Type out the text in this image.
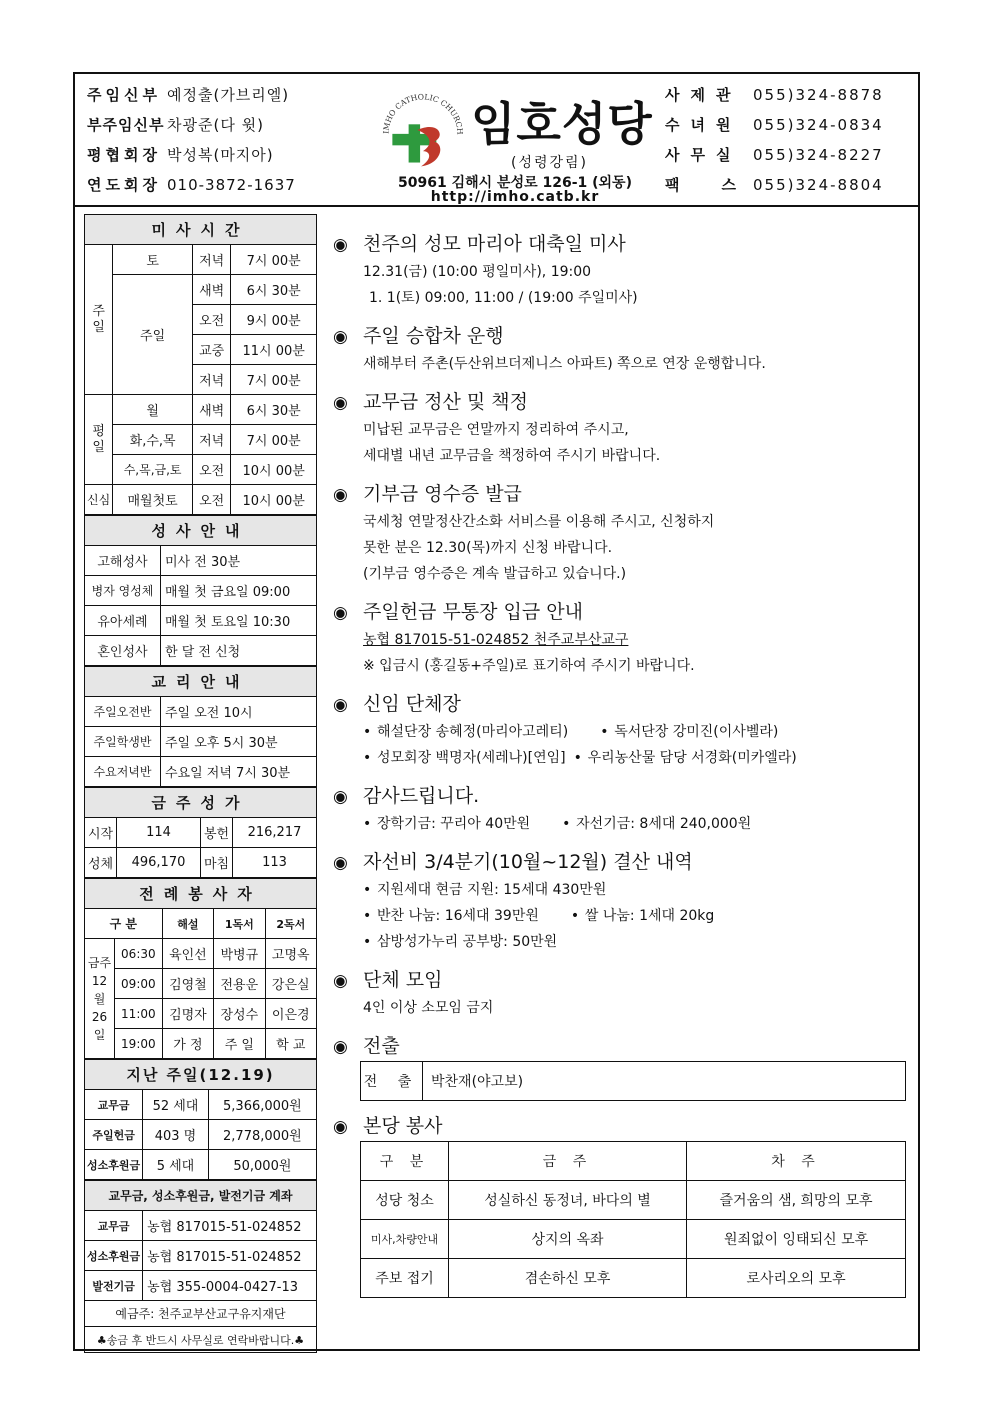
주임신부 예정출(가브리엘)
부주임신부 차광준(다 윗)
평협회장 박성복(마지아)
연도회장 010-3872-1637
IMHO CATHOLIC CHURCH 임호성당
(성령강림)
50961 김해시 분성로 126-1 (외동)
http://imho.catb.kr
사제관 055)324-8878
수녀원 055)324-0834
사무실 055)324-8227
팩스055)324-8804
미사시간			
주일	토	저녁	7시 00분
	주일	새벽	6시 30분
		오전	9시 00분
		교중	11시 00분
		저녁	7시 00분
평일	월	새벽	6시 30분
	화,수,목	저녁	7시 00분
	수,목,금,토	오전	10시 00분
신심	매월첫토	오전	10시 00분
성사안내	
고해성사	미사 전 30분
병자 영성체	매월 첫 금요일 09:00
유아세례	매월 첫 토요일 10:30
혼인성사	한 달 전 신청
교리안내	
주일오전반	주일 오전 10시
주일학생반	주일 오후 5시 30분
수요저녁반	수요일 저녁 7시 30분
금주성가			
시작	114	봉헌	216,217
성체	496,170	마침	113
전례봉사자				
구 분		해설	1독서	2독서
금주 12월 26일	06:30	육인선	박병규	고명옥
	09:00	김영철	전용운	강은실
	11:00	김명자	장성수	이은경
	19:00	가 정	주 일	학 교
지난 주일(12.19)		
교무금	52 세대	5,366,000원
주일헌금	403 명	2,778,000원
성소후원금	5 세대	50,000원
교무금, 성소후원금, 발전기금 계좌	
교무금	농협 817015-51-024852
성소후원금	농협 817015-51-024852
발전기금	농협 355-0004-0427-13
예금주: 천주교부산교구유지재단	
♣송금 후 반드시 사무실로 연락바랍니다.♣	
◉ 천주의 성모 마리아 대축일 미사

12.31(금) (10:00 평일미사), 19:00

1. 1(토) 09:00, 11:00 / (19:00 주일미사)

◉ 주일 승합차 운행

새해부터 주촌(두산위브더제니스 아파트) 쪽으로 연장 운행합니다.

◉ 교무금 정산 및 책정

미납된 교무금은 연말까지 정리하여 주시고,

세대별 내년 교무금을 책정하여 주시기 바랍니다.

◉ 기부금 영수증 발급

국세청 연말정산간소화 서비스를 이용해 주시고, 신청하지

못한 분은 12.30(목)까지 신청 바랍니다.

(기부금 영수증은 계속 발급하고 있습니다.)

◉ 주일헌금 무통장 입금 안내

농협 817015-51-024852 천주교부산교구

※ 입금시 (홍길동+주일)로 표기하여 주시기 바랍니다.

◉ 신임 단체장

• 해설단장 송혜정(마리아고레티) • 독서단장 강미진(이사벨라)

• 성모회장 백명자(세레나)[연임] • 우리농산물 담당 서경화(미카엘라)

◉ 감사드립니다.

• 장학기금: 꾸리아 40만원 • 자선기금: 8세대 240,000원

◉ 자선비 3/4분기(10월~12월) 결산 내역

• 지원세대 현금 지원: 15세대 430만원

• 반찬 나눔: 16세대 39만원 • 쌀 나눔: 1세대 20kg

• 삼방성가누리 공부방: 50만원

◉ 단체 모임

4인 이상 소모임 금지

◉ 전출
전 출	박찬재(야고보)
◉ 본당 봉사
구 분	금 주	차 주
성당 청소	성실하신 동정녀, 바다의 별	즐거움의 샘, 희망의 모후
미사,차량안내	상지의 옥좌	원죄없이 잉태되신 모후
주보 접기	겸손하신 모후	로사리오의 모후
